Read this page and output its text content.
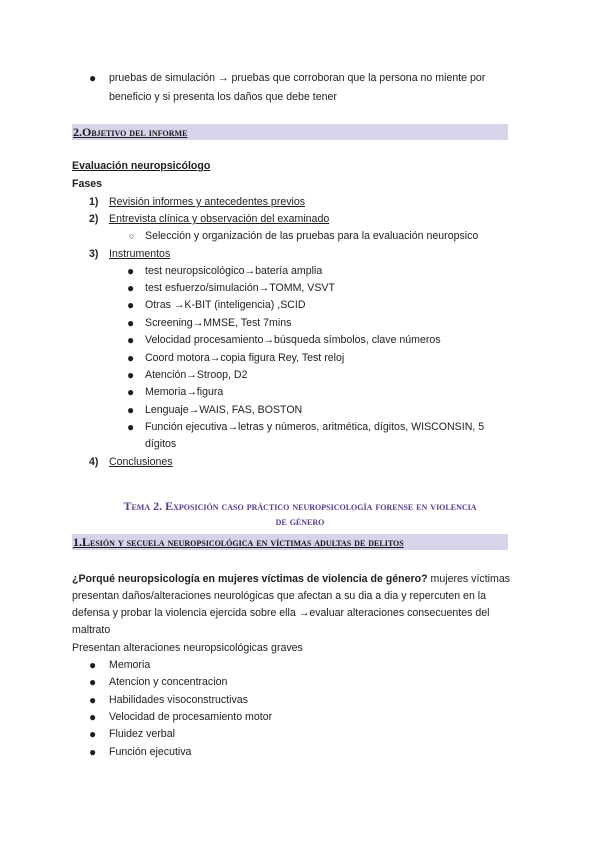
● pruebas de simulación → pruebas que corroboran que la persona no miente por
beneficio y si presenta los daños que debe tener
2.Objetivo del informe
Evaluación neuropsicólogo
Fases
1) Revisión informes y antecedentes previos
2) Entrevista clínica y observación del examinado
○ Selección y organización de las pruebas para la evaluación neuropsico
3) Instrumentos
● test neuropsicológico→batería amplia
● test esfuerzo/simulación→TOMM, VSVT
● Otras →K-BIT (inteligencia) ,SCID
● Screening→MMSE, Test 7mins
● Velocidad procesamiento→búsqueda símbolos, clave números
● Coord motora→copia figura Rey, Test reloj
● Atención→Stroop, D2
● Memoria→figura
● Lenguaje→WAIS, FAS, BOSTON
● Función ejecutiva→letras y números, aritmética, dígitos, WISCONSIN, 5
dígitos
4) Conclusiones
Tema 2. Exposición caso práctico neuropsicología forense en violencia
de género
1.Lesión y secuela neuropsicológica en víctimas adultas de delitos
¿Porqué neuropsicología en mujeres víctimas de violencia de género? mujeres víctimas
presentan daños/alteraciones neurológicas que afectan a su dia a dia y repercuten en la
defensa y probar la violencia ejercida sobre ella →evaluar alteraciones consecuentes del
maltrato
Presentan alteraciones neuropsicológicas graves
● Memoria
● Atencion y concentracion
● Habilidades visoconstructivas
● Velocidad de procesamiento motor
● Fluidez verbal
● Función ejecutiva
